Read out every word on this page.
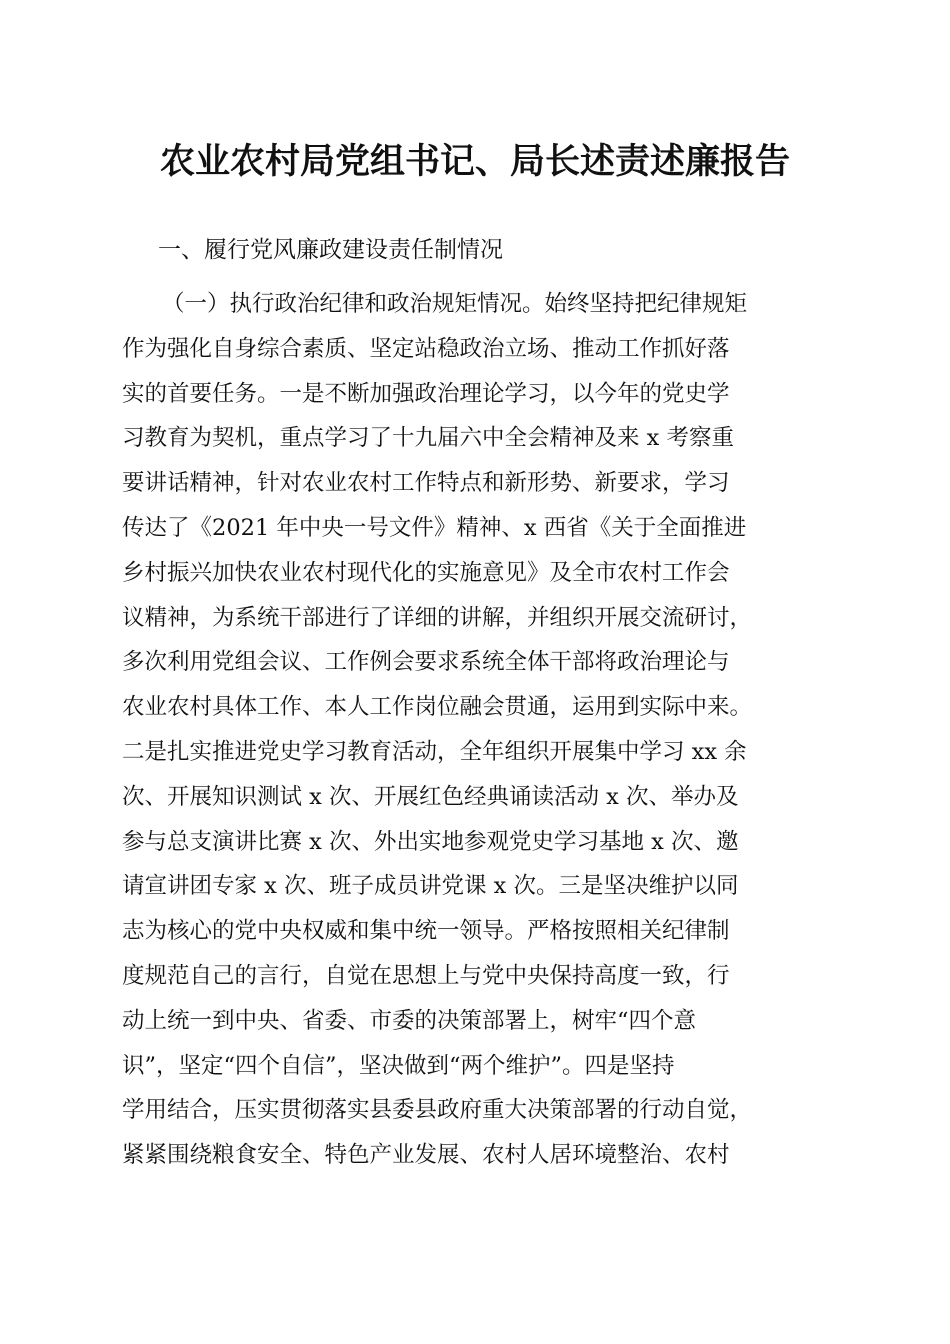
农业农村局党组书记、局长述责述廉报告
一、履行党风廉政建设责任制情况
（一）执行政治纪律和政治规矩情况。始终坚持把纪律规矩
作为强化自身综合素质、坚定站稳政治立场、推动工作抓好落
实的首要任务。一是不断加强政治理论学习，以今年的党史学
习教育为契机，重点学习了十九届六中全会精神及来 x 考察重
要讲话精神，针对农业农村工作特点和新形势、新要求，学习
传达了《2021 年中央一号文件》精神、x 西省《关于全面推进
乡村振兴加快农业农村现代化的实施意见》及全市农村工作会
议精神，为系统干部进行了详细的讲解，并组织开展交流研讨，
多次利用党组会议、工作例会要求系统全体干部将政治理论与
农业农村具体工作、本人工作岗位融会贯通，运用到实际中来。
二是扎实推进党史学习教育活动，全年组织开展集中学习 xx 余
次、开展知识测试 x 次、开展红色经典诵读活动 x 次、举办及
参与总支演讲比赛 x 次、外出实地参观党史学习基地 x 次、邀
请宣讲团专家 x 次、班子成员讲党课 x 次。三是坚决维护以同
志为核心的党中央权威和集中统一领导。严格按照相关纪律制
度规范自己的言行，自觉在思想上与党中央保持高度一致，行
动上统一到中央、省委、市委的决策部署上，树牢“四个意
识”，坚定“四个自信”，坚决做到“两个维护”。四是坚持
学用结合，压实贯彻落实县委县政府重大决策部署的行动自觉，
紧紧围绕粮食安全、特色产业发展、农村人居环境整治、农村
